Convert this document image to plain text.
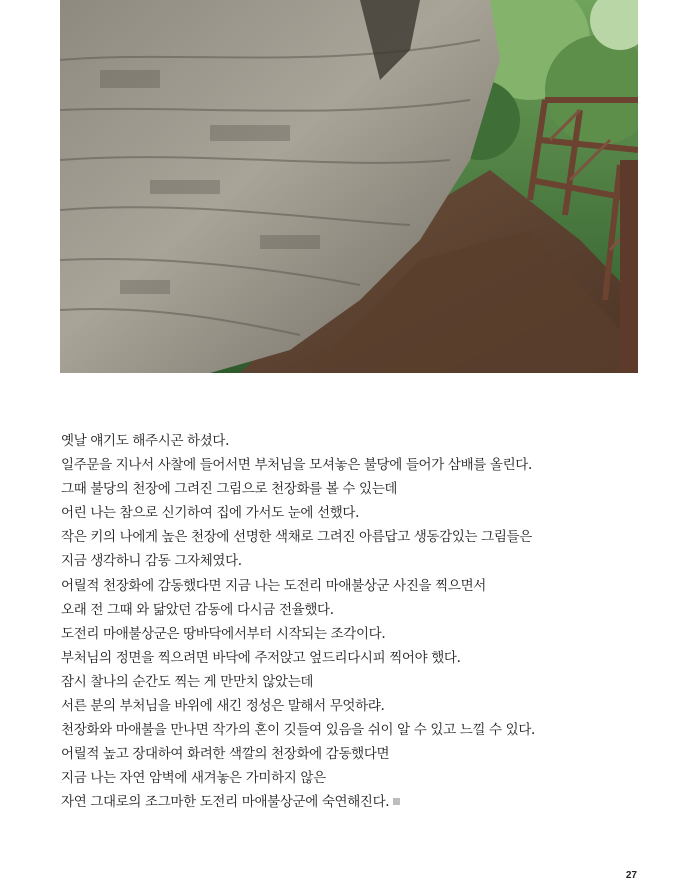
옛날 얘기도 해주시곤 하셨다.
일주문을 지나서 사찰에 들어서면 부처님을 모셔놓은 불당에 들어가 삼배를 올린다.
그때 불당의 천장에 그려진 그림으로 천장화를 볼 수 있는데
어린 나는 참으로 신기하여 집에 가서도 눈에 선했다.
작은 키의 나에게 높은 천장에 선명한 색채로 그려진 아름답고 생동감있는 그림들은
지금 생각하니 감동 그자체였다.
어릴적 천장화에 감동했다면 지금 나는 도전리 마애불상군 사진을 찍으면서
오래 전 그때 와 닮았던 감동에 다시금 전율했다.
도전리 마애불상군은 땅바닥에서부터 시작되는 조각이다.
부처님의 정면을 찍으려면 바닥에 주저앉고 엎드리다시피 찍어야 했다.
잠시 찰나의 순간도 찍는 게 만만치 않았는데
서른 분의 부처님을 바위에 새긴 정성은 말해서 무엇하랴.
천장화와 마애불을 만나면 작가의 혼이 깃들여 있음을 쉬이 알 수 있고 느낄 수 있다.
어릴적 높고 장대하여 화려한 색깔의 천장화에 감동했다면
지금 나는 자연 암벽에 새겨놓은 가미하지 않은
자연 그대로의 조그마한 도전리 마애불상군에 숙연해진다.
27
